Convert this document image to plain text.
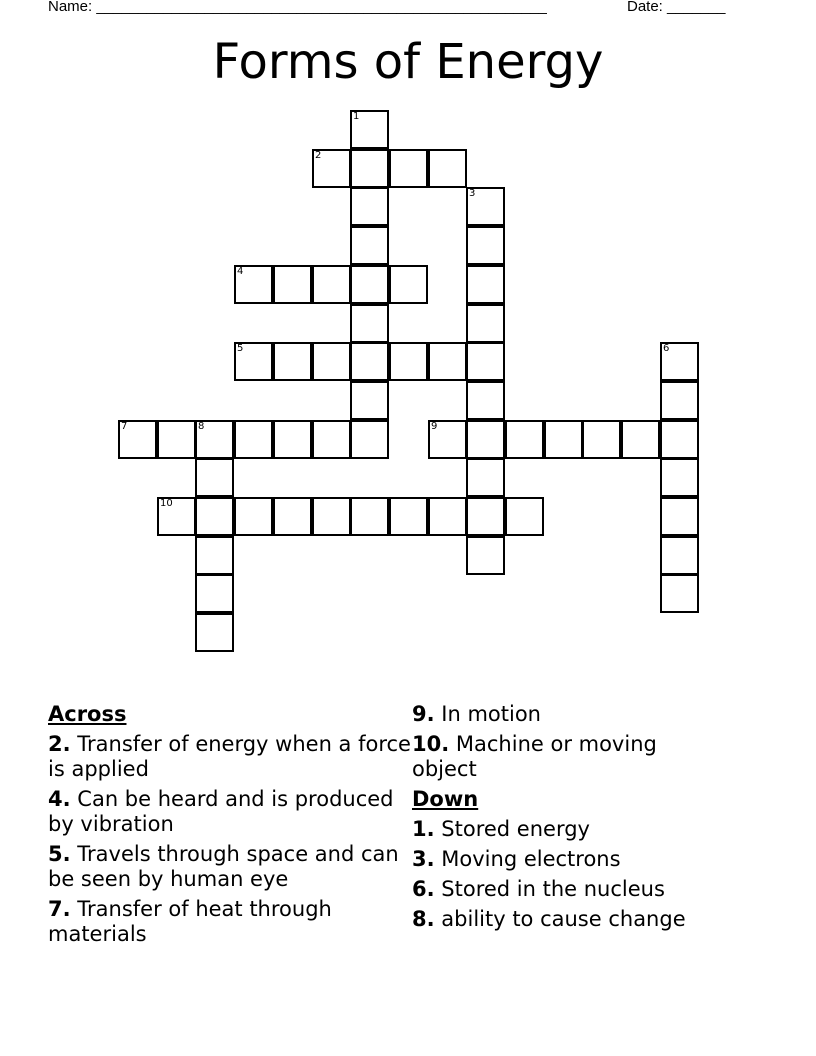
Name: ______________________________________________________	Date: _______
Forms of Energy
1
2
3
4
5	6
7	8	9
10
Across
2. Transfer of energy when a force is applied
4. Can be heard and is produced by vibration
5. Travels through space and can be seen by human eye
7. Transfer of heat through materials
9. In motion
10. Machine or moving object
Down
1. Stored energy
3. Moving electrons
6. Stored in the nucleus
8. ability to cause change
